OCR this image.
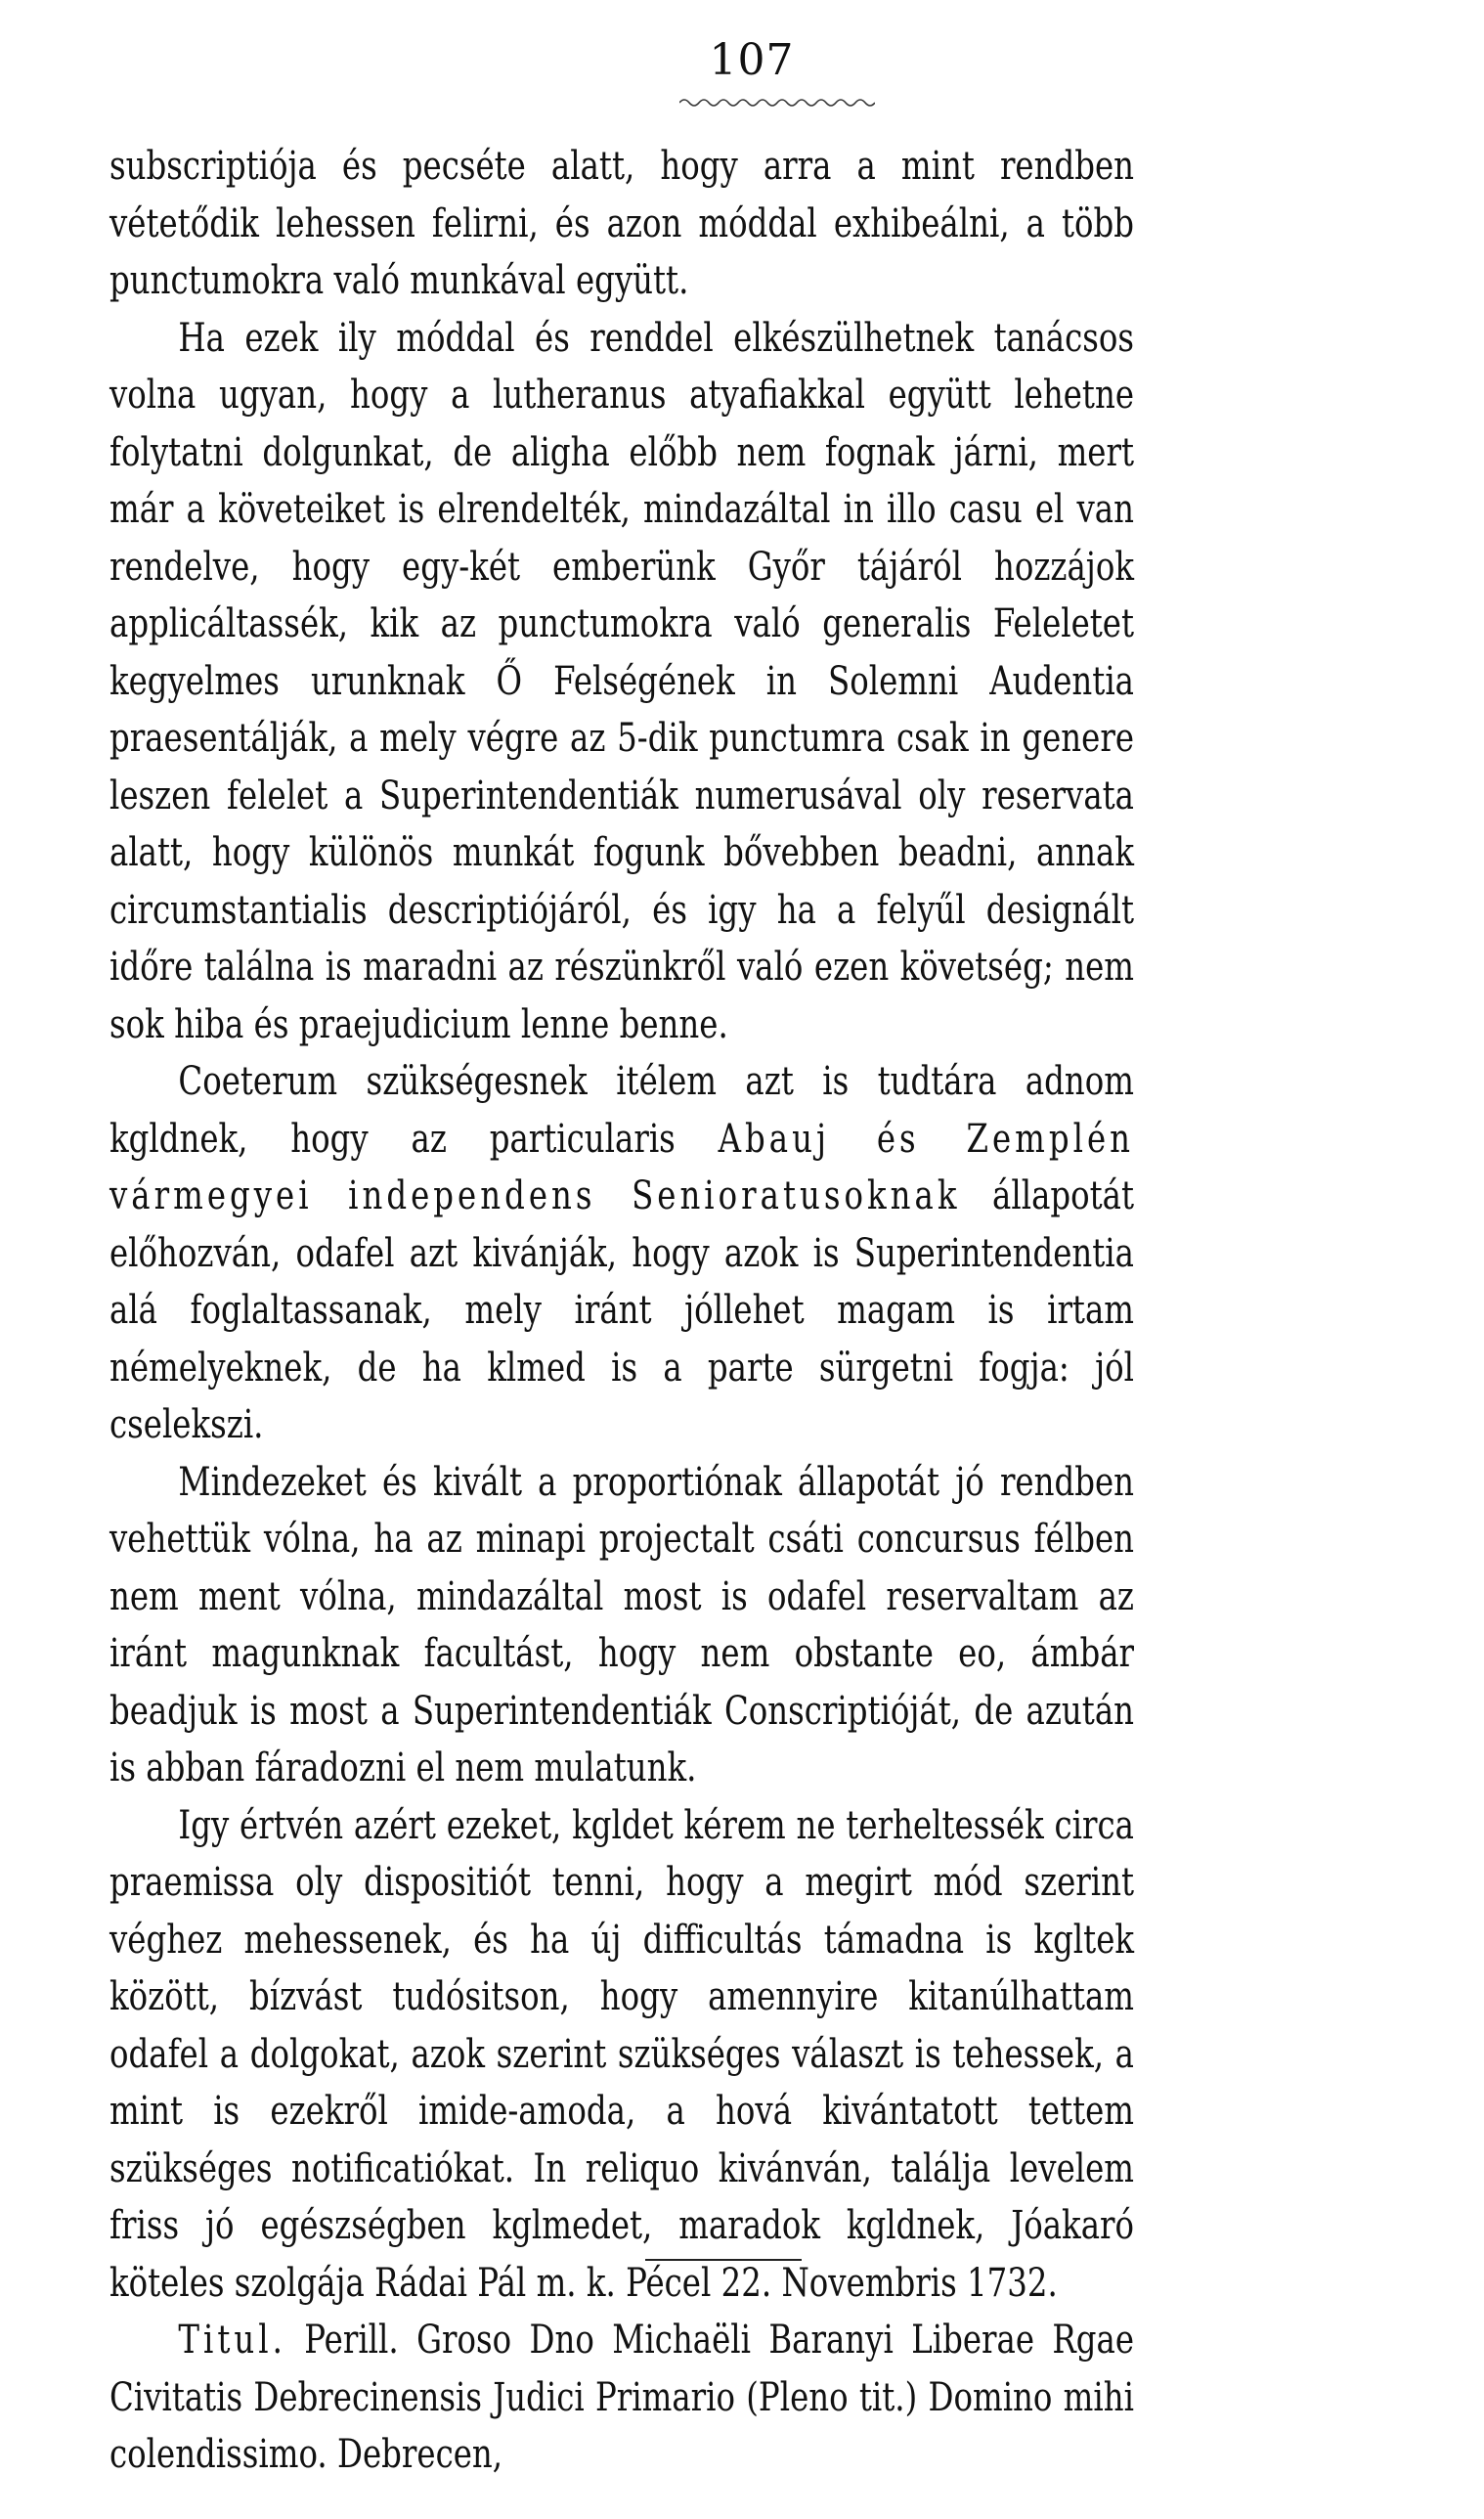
107

subscriptiója és pecséte alatt, hogy arra a mint rendben vétetődik lehessen felirni, és azon móddal exhibeálni, a több punctumokra való munkával együtt.

Ha ezek ily móddal és renddel elkészülhetnek tanácsos volna ugyan, hogy a lutheranus atyafiakkal együtt lehetne folytatni dolgunkat, de aligha előbb nem fognak járni, mert már a követeiket is elrendelték, mindazáltal in illo casu el van rendelve, hogy egy-két emberünk Győr tájáról hozzájok applicáltassék, kik az punctumokra való generalis Feleletet kegyelmes urunknak Ő Felségének in Solemni Audentia praesentálják, a mely végre az 5-dik punctumra csak in genere leszen felelet a Superintendentiák numerusával oly reservata alatt, hogy különös munkát fogunk bővebben beadni, annak circumstantialis descriptiójáról, és igy ha a felyűl designált időre találna is maradni az részünkről való ezen követség; nem sok hiba és praejudicium lenne benne.

Coeterum szükségesnek itélem azt is tudtára adnom kgldnek, hogy az particularis Abauj és Zemplén vármegyei independens Senioratusoknak állapotát előhozván, odafel azt kivánják, hogy azok is Superintendentia alá foglaltassanak, mely iránt jóllehet magam is irtam némelyeknek, de ha klmed is a parte sürgetni fogja: jól cselekszi.

Mindezeket és kivált a proportiónak állapotát jó rendben vehettük vólna, ha az minapi projectalt csáti concursus félben nem ment vólna, mindazáltal most is odafel reservaltam az iránt magunknak facultást, hogy nem obstante eo, ámbár beadjuk is most a Superintendentiák Conscriptióját, de azután is abban fáradozni el nem mulatunk.

Igy értvén azért ezeket, kgldet kérem ne terheltessék circa praemissa oly dispositiót tenni, hogy a megirt mód szerint véghez mehessenek, és ha új difficultás támadna is kgltek között, bízvást tudósitson, hogy amennyire kitanúlhattam odafel a dolgokat, azok szerint szükséges választ is tehessek, a mint is ezekről imide-amoda, a hová kivántatott tettem szükséges notificatiókat. In reliquo kivánván, találja levelem friss jó egészségben kglmedet, maradok kgldnek, Jóakaró köteles szolgája Rádai Pál m. k. Pécel 22. Novembris 1732.

Titul. Perill. Groso Dno Michaëli Baranyi Liberae Rgae Civitatis Debrecinensis Judici Primario (Pleno tit.) Domino mihi colendissimo. Debrecen,
